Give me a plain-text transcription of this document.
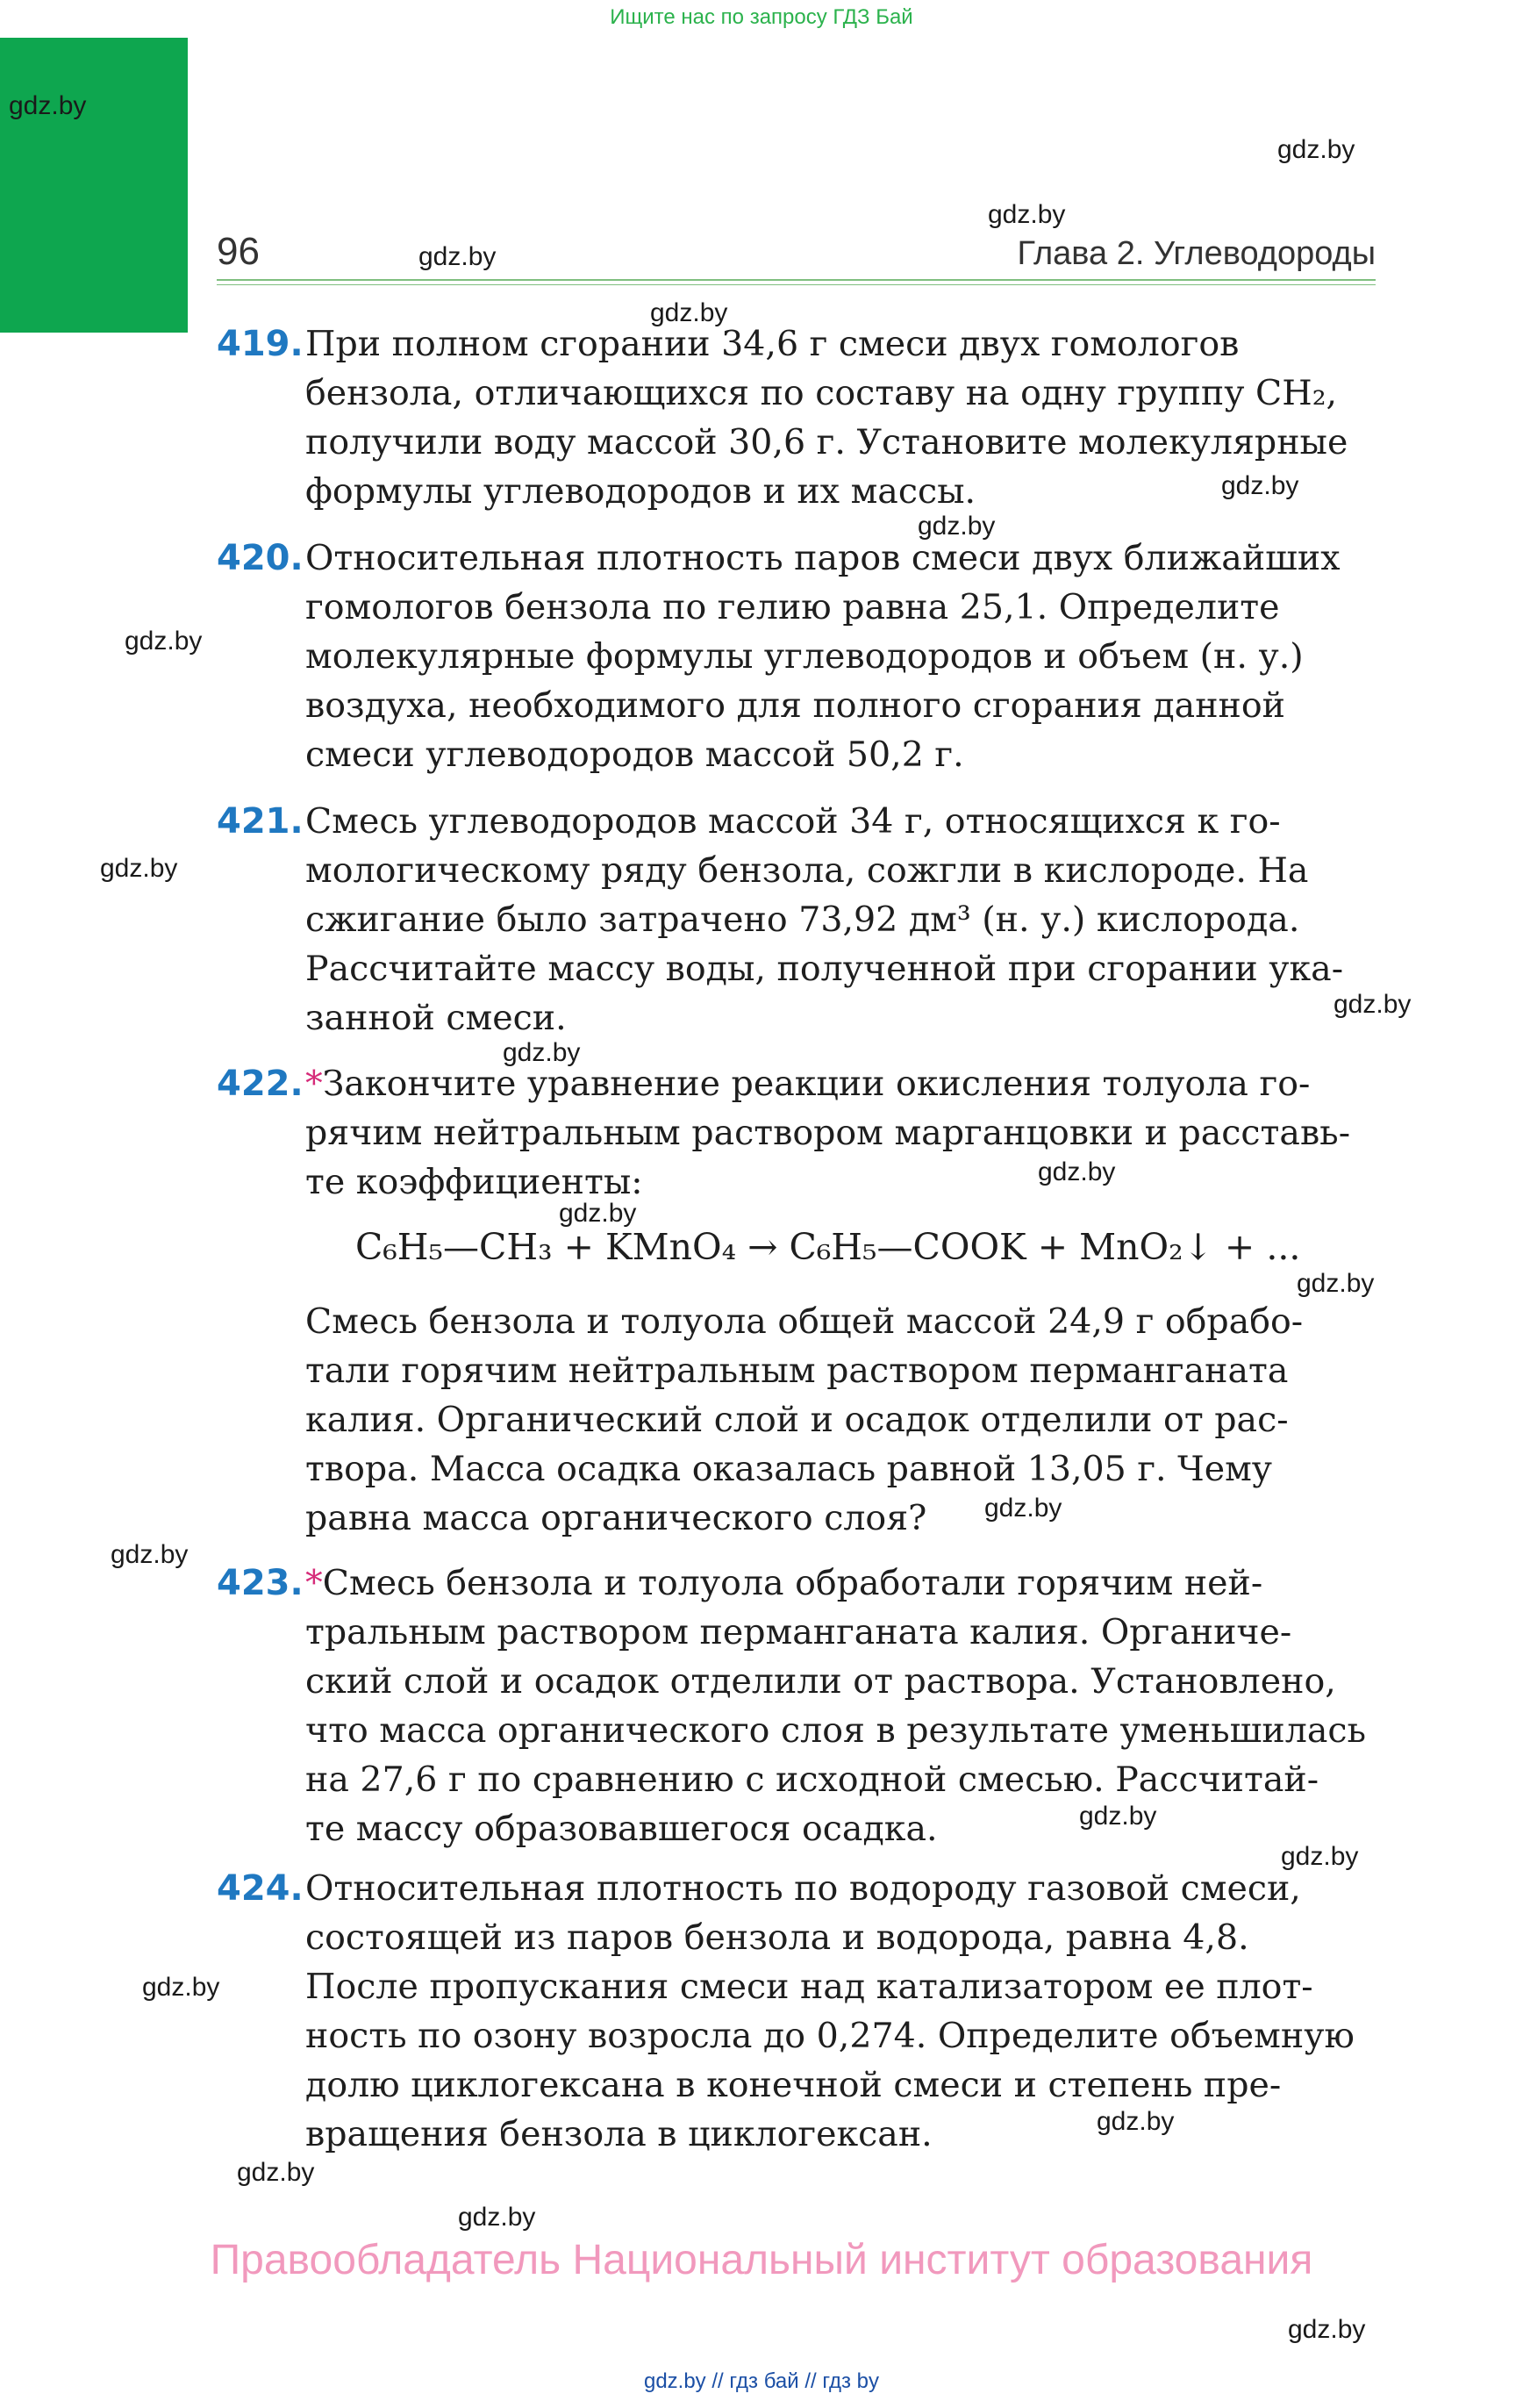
Ищите нас по запросу ГДЗ Бай
gdz.by
gdz.by
gdz.by
gdz.by
gdz.by
gdz.by
gdz.by
gdz.by
gdz.by
gdz.by
gdz.by
gdz.by
gdz.by
gdz.by
gdz.by
gdz.by
gdz.by
gdz.by
gdz.by
gdz.by
gdz.by
gdz.by
gdz.by
96	Глава 2. Углеводороды
419. При полном сгорании 34,6 г смеси двух гомологов
бензола, отличающихся по составу на одну группу CH₂,
получили воду массой 30,6 г. Установите молекулярные
формулы углеводородов и их массы.
420. Относительная плотность паров смеси двух ближайших
гомологов бензола по гелию равна 25,1. Определите
молекулярные формулы углеводородов и объем (н. у.)
воздуха, необходимого для полного сгорания данной
смеси углеводородов массой 50,2 г.
421. Смесь углеводородов массой 34 г, относящихся к го-
мологическому ряду бензола, сожгли в кислороде. На
сжигание было затрачено 73,92 дм³ (н. у.) кислорода.
Рассчитайте массу воды, полученной при сгорании ука-
занной смеси.
422. *Закончите уравнение реакции окисления толуола го-
рячим нейтральным раствором марганцовки и расставь-
те коэффициенты:
C₆H₅—CH₃ + KMnO₄ → C₆H₅—COOK + MnO₂↓ + ...
Смесь бензола и толуола общей массой 24,9 г обрабо-
тали горячим нейтральным раствором перманганата
калия. Органический слой и осадок отделили от рас-
твора. Масса осадка оказалась равной 13,05 г. Чему
равна масса органического слоя?
423. *Смесь бензола и толуола обработали горячим ней-
тральным раствором перманганата калия. Органиче-
ский слой и осадок отделили от раствора. Установлено,
что масса органического слоя в результате уменьшилась
на 27,6 г по сравнению с исходной смесью. Рассчитай-
те массу образовавшегося осадка.
424. Относительная плотность по водороду газовой смеси,
состоящей из паров бензола и водорода, равна 4,8.
После пропускания смеси над катализатором ее плот-
ность по озону возросла до 0,274. Определите объемную
долю циклогексана в конечной смеси и степень пре-
вращения бензола в циклогексан.
Правообладатель Национальный институт образования
gdz.by // гдз бай // гдз by
